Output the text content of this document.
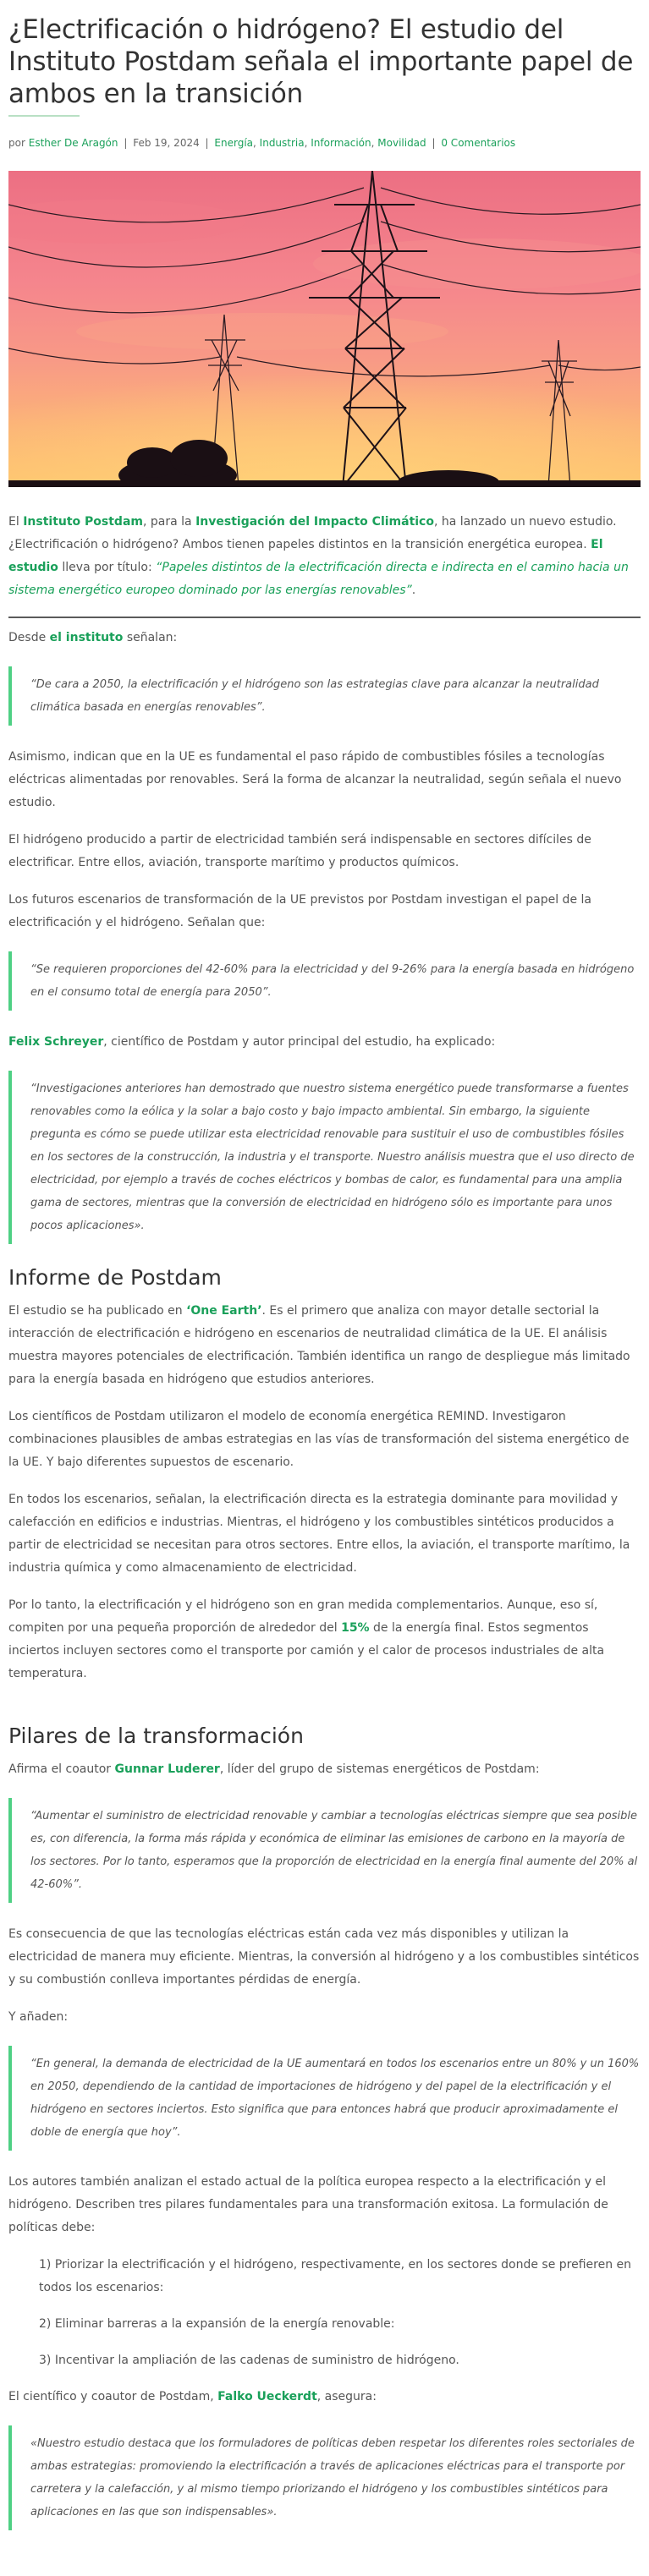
¿Electrificación o hidrógeno? El estudio del Instituto Postdam señala el importante papel de ambos en la transición
por Esther De Aragón | Feb 19, 2024 | Energía, Industria, Información, Movilidad | 0 Comentarios

El Instituto Postdam, para la Investigación del Impacto Climático, ha lanzado un nuevo estudio. ¿Electrificación o hidrógeno? Ambos tienen papeles distintos en la transición energética europea. El estudio lleva por título: “Papeles distintos de la electrificación directa e indirecta en el camino hacia un sistema energético europeo dominado por las energías renovables”.

Desde el instituto señalan:

“De cara a 2050, la electrificación y el hidrógeno son las estrategias clave para alcanzar la neutralidad climática basada en energías renovables”.

Asimismo, indican que en la UE es fundamental el paso rápido de combustibles fósiles a tecnologías eléctricas alimentadas por renovables. Será la forma de alcanzar la neutralidad, según señala el nuevo estudio.

El hidrógeno producido a partir de electricidad también será indispensable en sectores difíciles de electrificar. Entre ellos, aviación, transporte marítimo y productos químicos.

Los futuros escenarios de transformación de la UE previstos por Postdam investigan el papel de la electrificación y el hidrógeno. Señalan que:

“Se requieren proporciones del 42-60% para la electricidad y del 9-26% para la energía basada en hidrógeno en el consumo total de energía para 2050”.

Felix Schreyer, científico de Postdam y autor principal del estudio, ha explicado:

“Investigaciones anteriores han demostrado que nuestro sistema energético puede transformarse a fuentes renovables como la eólica y la solar a bajo costo y bajo impacto ambiental. Sin embargo, la siguiente pregunta es cómo se puede utilizar esta electricidad renovable para sustituir el uso de combustibles fósiles en los sectores de la construcción, la industria y el transporte. Nuestro análisis muestra que el uso directo de electricidad, por ejemplo a través de coches eléctricos y bombas de calor, es fundamental para una amplia gama de sectores, mientras que la conversión de electricidad en hidrógeno sólo es importante para unos pocos aplicaciones».
Informe de Postdam

El estudio se ha publicado en ‘One Earth’. Es el primero que analiza con mayor detalle sectorial la interacción de electrificación e hidrógeno en escenarios de neutralidad climática de la UE. El análisis muestra mayores potenciales de electrificación. También identifica un rango de despliegue más limitado para la energía basada en hidrógeno que estudios anteriores.

Los científicos de Postdam utilizaron el modelo de economía energética REMIND. Investigaron combinaciones plausibles de ambas estrategias en las vías de transformación del sistema energético de la UE. Y bajo diferentes supuestos de escenario.

En todos los escenarios, señalan, la electrificación directa es la estrategia dominante para movilidad y calefacción en edificios e industrias. Mientras, el hidrógeno y los combustibles sintéticos producidos a partir de electricidad se necesitan para otros sectores. Entre ellos, la aviación, el transporte marítimo, la industria química y como almacenamiento de electricidad.

Por lo tanto, la electrificación y el hidrógeno son en gran medida complementarios. Aunque, eso sí, compiten por una pequeña proporción de alrededor del 15% de la energía final. Estos segmentos inciertos incluyen sectores como el transporte por camión y el calor de procesos industriales de alta temperatura.

Pilares de la transformación

Afirma el coautor Gunnar Luderer, líder del grupo de sistemas energéticos de Postdam:

“Aumentar el suministro de electricidad renovable y cambiar a tecnologías eléctricas siempre que sea posible es, con diferencia, la forma más rápida y económica de eliminar las emisiones de carbono en la mayoría de los sectores. Por lo tanto, esperamos que la proporción de electricidad en la energía final aumente del 20% al 42-60%”.

Es consecuencia de que las tecnologías eléctricas están cada vez más disponibles y utilizan la electricidad de manera muy eficiente. Mientras, la conversión al hidrógeno y a los combustibles sintéticos y su combustión conlleva importantes pérdidas de energía.

Y añaden:

“En general, la demanda de electricidad de la UE aumentará en todos los escenarios entre un 80% y un 160% en 2050, dependiendo de la cantidad de importaciones de hidrógeno y del papel de la electrificación y el hidrógeno en sectores inciertos. Esto significa que para entonces habrá que producir aproximadamente el doble de energía que hoy”.

Los autores también analizan el estado actual de la política europea respecto a la electrificación y el hidrógeno. Describen tres pilares fundamentales para una transformación exitosa. La formulación de políticas debe:

1) Priorizar la electrificación y el hidrógeno, respectivamente, en los sectores donde se prefieren en todos los escenarios:
2) Eliminar barreras a la expansión de la energía renovable:
3) Incentivar la ampliación de las cadenas de suministro de hidrógeno.

El científico y coautor de Postdam, Falko Ueckerdt, asegura:

«Nuestro estudio destaca que los formuladores de políticas deben respetar los diferentes roles sectoriales de ambas estrategias: promoviendo la electrificación a través de aplicaciones eléctricas para el transporte por carretera y la calefacción, y al mismo tiempo priorizando el hidrógeno y los combustibles sintéticos para aplicaciones en las que son indispensables».
